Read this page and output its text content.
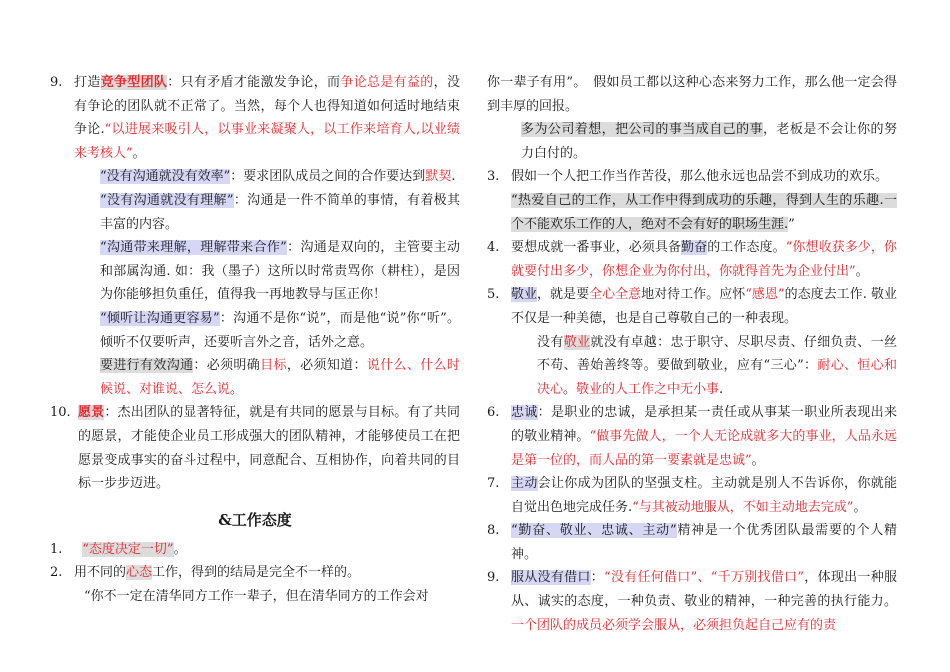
9. 打造竞争型团队：只有矛盾才能激发争论，而争论总是有益的，没有争论的团队就不正常了。当然，每个人也得知道如何适时地结束争论.“以进展来吸引人，以事业来凝聚人，以工作来培育人,以业绩来考核人”。

“没有沟通就没有效率”：要求团队成员之间的合作要达到默契.

“没有沟通就没有理解”：沟通是一件不简单的事情，有着极其丰富的内容。

“沟通带来理解，理解带来合作”：沟通是双向的，主管要主动和部属沟通. 如：我（墨子）这所以时常责骂你（耕柱），是因为你能够担负重任，值得我一再地教导与匡正你！

“倾听让沟通更容易”：沟通不是你“说”，而是他“说”你“听”。倾听不仅要听声，还要听言外之音，话外之意。

要进行有效沟通：必须明确目标，必须知道：说什么、什么时候说、对谁说、怎么说。

10. 愿景：杰出团队的显著特征，就是有共同的愿景与目标。有了共同的愿景，才能使企业员工形成强大的团队精神，才能够使员工在把愿景变成事实的奋斗过程中，同意配合、互相协作，向着共同的目标一步步迈进。

&工作态度
1.	“态度决定一切”。

2. 用不同的心态工作，得到的结局是完全不一样的。

“你不一定在清华同方工作一辈子，但在清华同方的工作会对

你一辈子有用”。　假如员工都以这种心态来努力工作，那么他一定会得到丰厚的回报。

多为公司着想，把公司的事当成自己的事，老板是不会让你的努力白付的。

3. 假如一个人把工作当作苦役，那么他永远也品尝不到成功的欢乐。
“热爱自己的工作，从工作中得到成功的乐趣，得到人生的乐趣.一个不能欢乐工作的人，绝对不会有好的职场生涯.”

4. 要想成就一番事业，必须具备勤奋的工作态度。“你想收获多少，你就要付出多少，你想企业为你付出，你就得首先为企业付出”。

5. 敬业，就是要全心全意地对待工作。应怀“感恩”的态度去工作. 敬业不仅是一种美德，也是自己尊敬自己的一种表现。

没有敬业就没有卓越：忠于职守、尽职尽责、仔细负责、一丝不苟、善始善终等。要做到敬业，应有“三心”：耐心、恒心和决心。敬业的人工作之中无小事.

6. 忠诚：是职业的忠诚，是承担某一责任或从事某一职业所表现出来的敬业精神。“做事先做人，一个人无论成就多大的事业，人品永远是第一位的，而人品的第一要素就是忠诚”。

7. 主动会让你成为团队的坚强支柱。主动就是别人不告诉你，你就能自觉出色地完成任务.“与其被动地服从，不如主动地去完成”。

8. “勤奋、敬业、忠诚、主动”精神是一个优秀团队最需要的个人精神。

9. 服从没有借口：“没有任何借口”、“千万别找借口”，体现出一种服从、诚实的态度，一种负责、敬业的精神，一种完善的执行能力。一个团队的成员必须学会服从，必须担负起自己应有的责
